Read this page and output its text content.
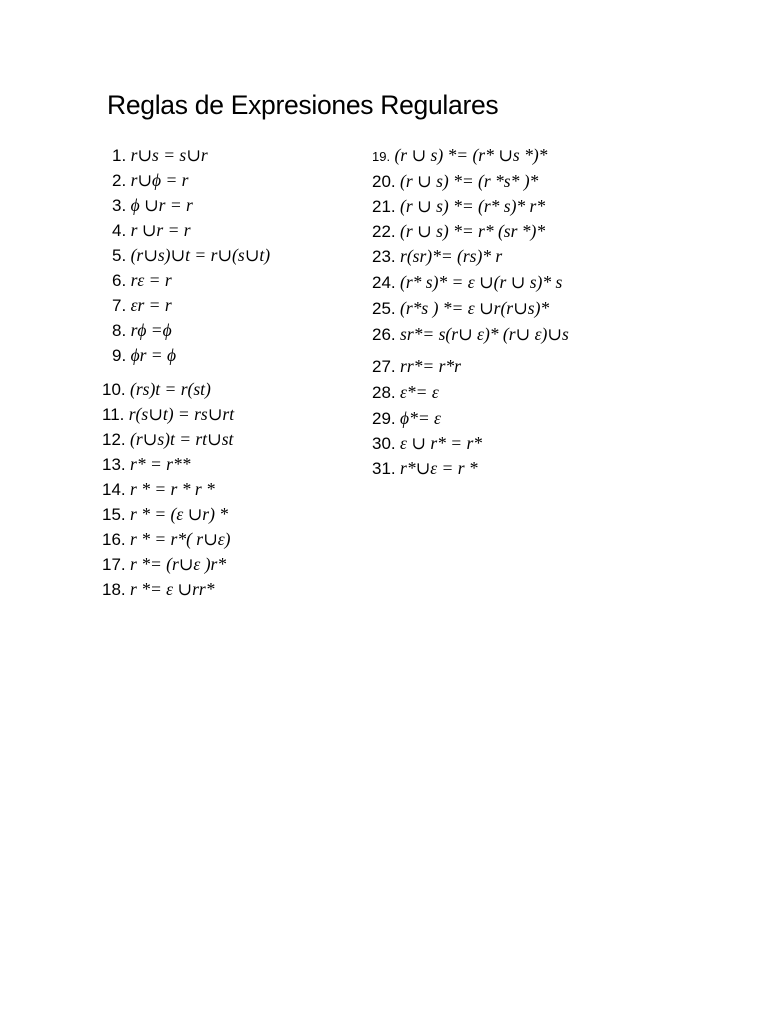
Reglas de Expresiones Regulares
1. r∪s = s∪r
2. r∪ϕ = r
3. ϕ ∪r = r
4. r ∪r = r
5. (r∪s)∪t = r∪(s∪t)
6. rε = r
7. εr = r
8. rϕ =ϕ
9. ϕr = ϕ
10. (rs)t = r(st)
11. r(s∪t) = rs∪rt
12. (r∪s)t = rt∪st
13. r* = r**
14. r * = r * r *
15. r * = (ε ∪r) *
16. r * = r*( r∪ε)
17. r *= (r∪ε )r*
18. r *= ε ∪rr*
19. (r ∪ s) *= (r* ∪s *)*
20. (r ∪ s) *= (r *s* )*
21. (r ∪ s) *= (r* s)* r*
22. (r ∪ s) *= r* (sr *)*
23. r(sr)*= (rs)* r
24. (r* s)* = ε ∪(r ∪ s)* s
25. (r*s ) *= ε ∪r(r∪s)*
26. sr*= s(r∪ ε)* (r∪ ε)∪s
27. rr*= r*r
28. ε*= ε
29. ϕ*= ε
30. ε ∪ r* = r*
31. r*∪ε = r *
